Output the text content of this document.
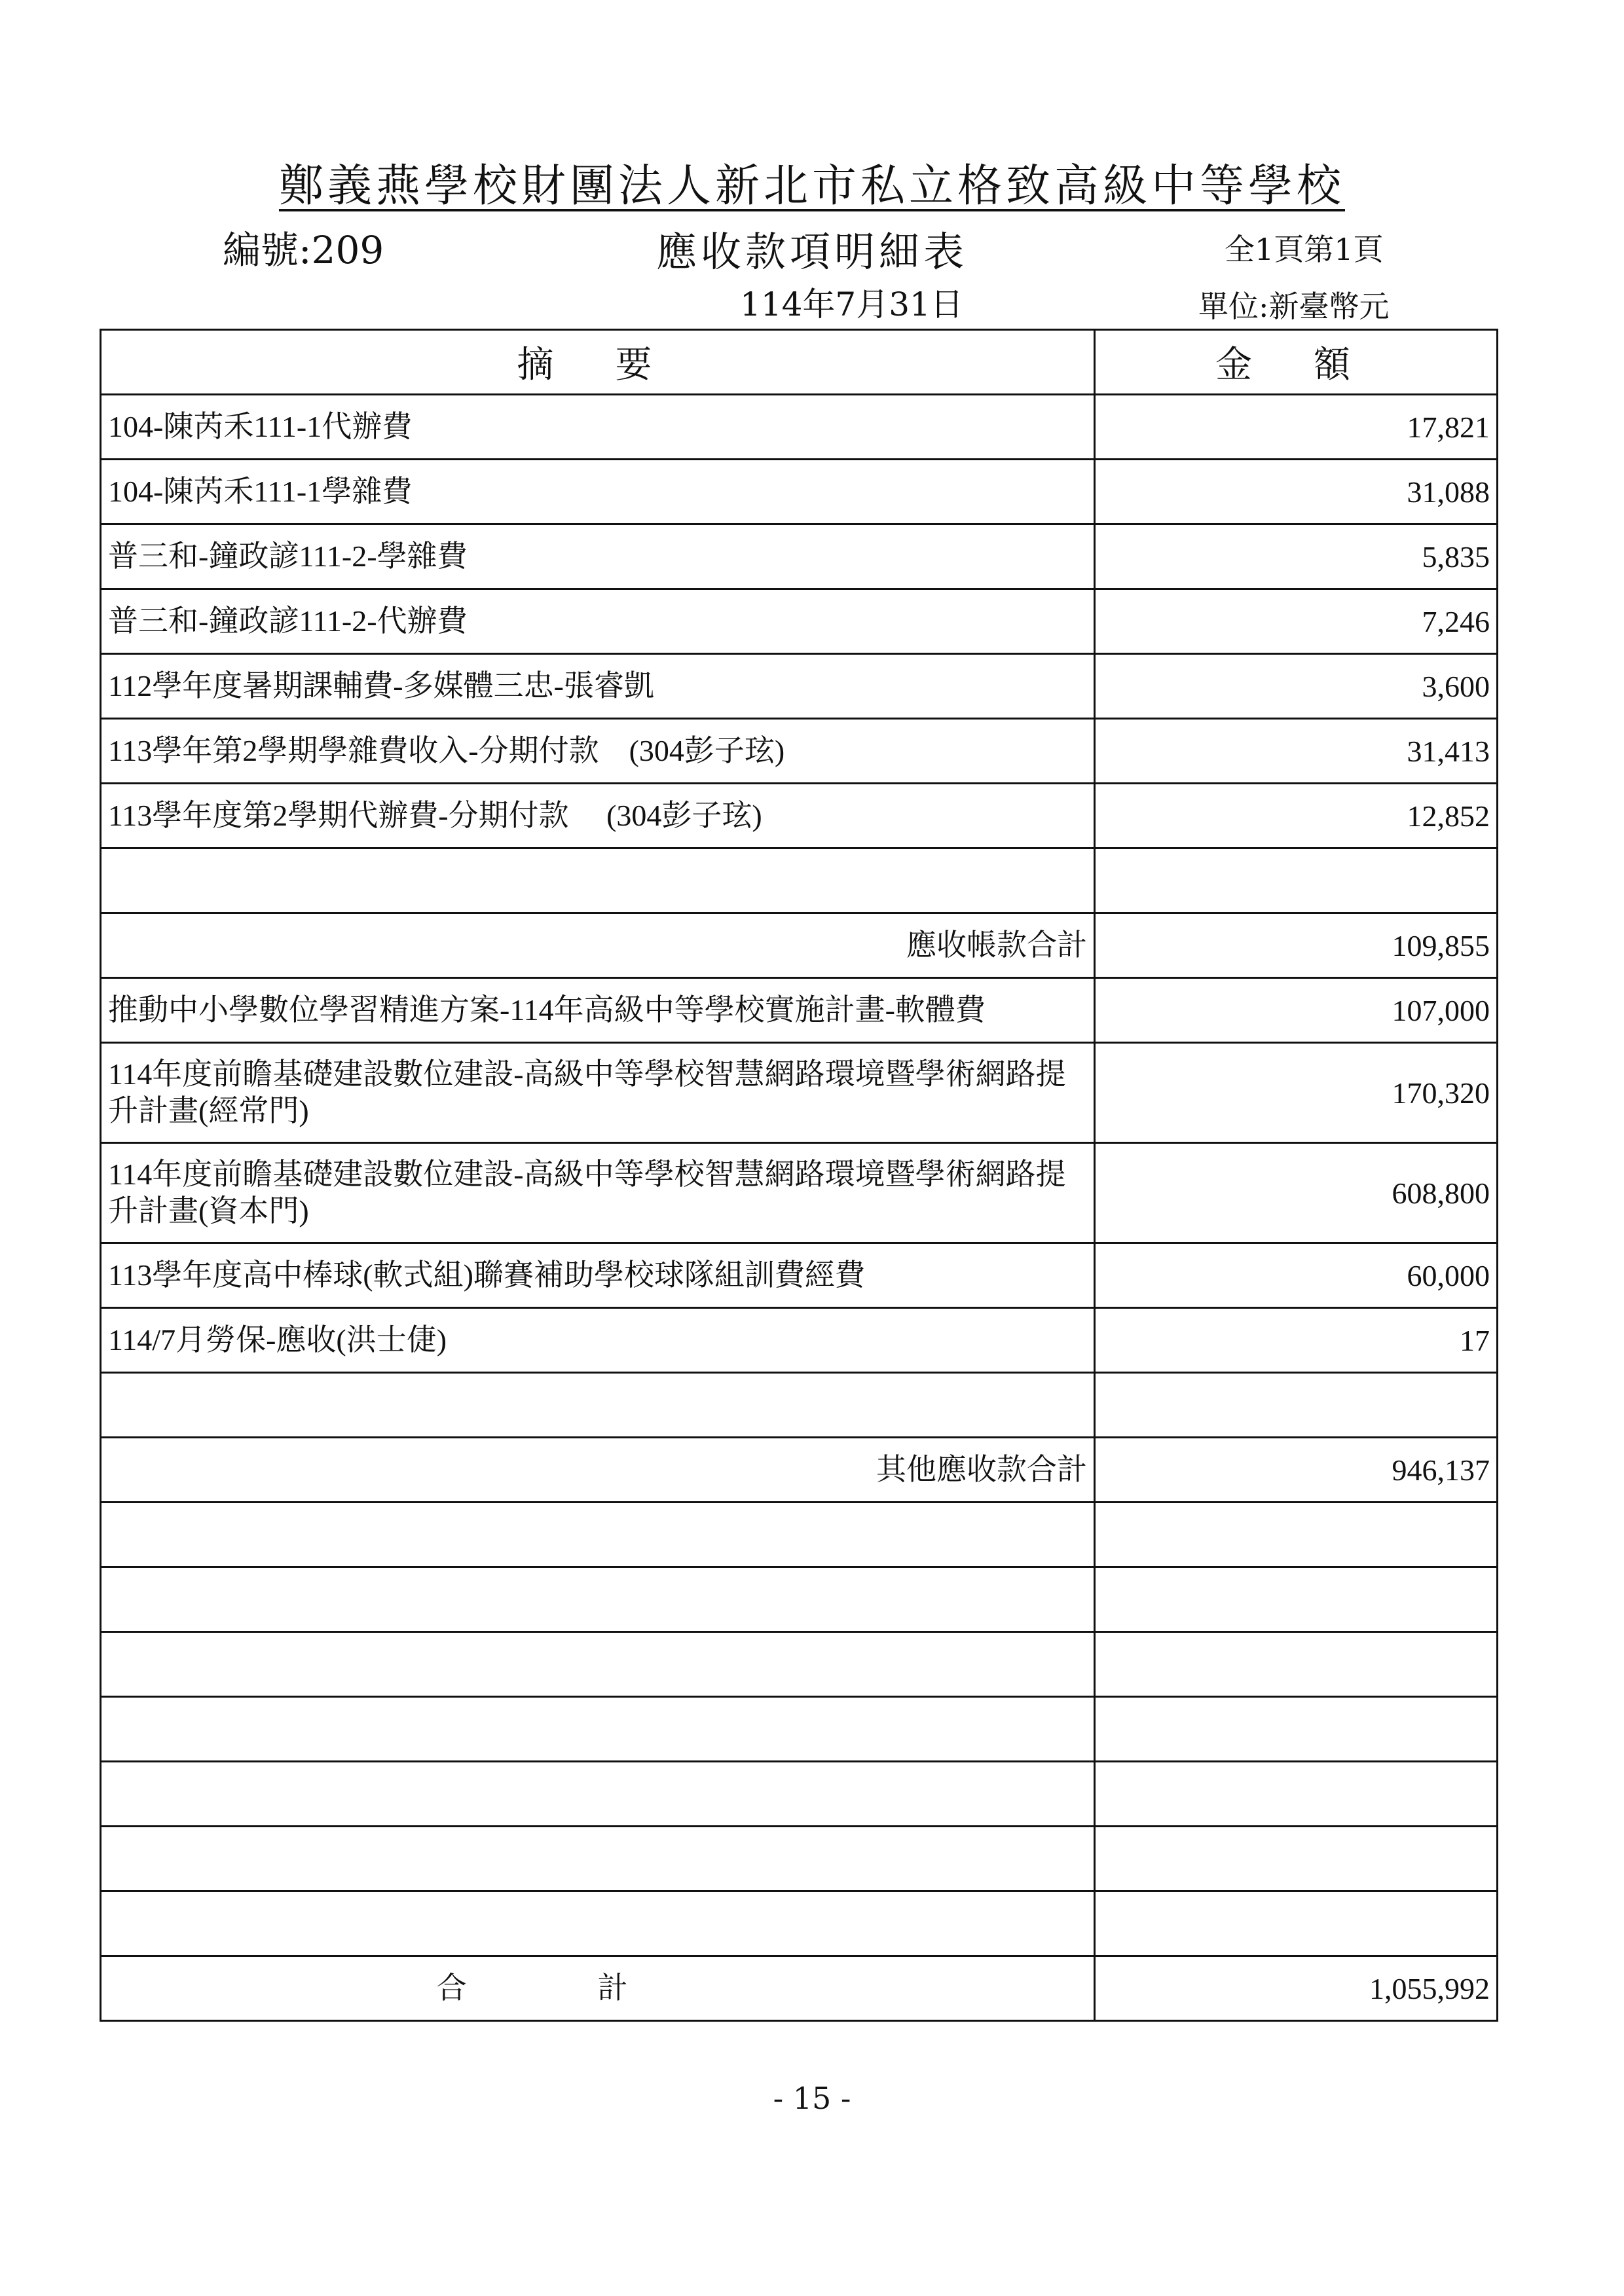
鄭義燕學校財團法人新北市私立格致高級中等學校
編號:209	應收款項明細表	全1頁第1頁
114年7月31日	單位:新臺幣元
摘 要	金 額
104-陳芮禾111-1代辦費	17,821
104-陳芮禾111-1學雜費	31,088
普三和-鐘政諺111-2-學雜費	5,835
普三和-鐘政諺111-2-代辦費	7,246
112學年度暑期課輔費-多媒體三忠-張睿凱	3,600
113學年第2學期學雜費收入-分期付款　(304彭子玹)	31,413
113學年度第2學期代辦費-分期付款　 (304彭子玹)	12,852

應收帳款合計	109,855
推動中小學數位學習精進方案-114年高級中等學校實施計畫-軟體費	107,000
114年度前瞻基礎建設數位建設-高級中等學校智慧網路環境暨學術網路提升計畫(經常門)	170,320
114年度前瞻基礎建設數位建設-高級中等學校智慧網路環境暨學術網路提升計畫(資本門)	608,800
113學年度高中棒球(軟式組)聯賽補助學校球隊組訓費經費	60,000
114/7月勞保-應收(洪士倢)	17

其他應收款合計	946,137

合計	1,055,992
- 15 -
